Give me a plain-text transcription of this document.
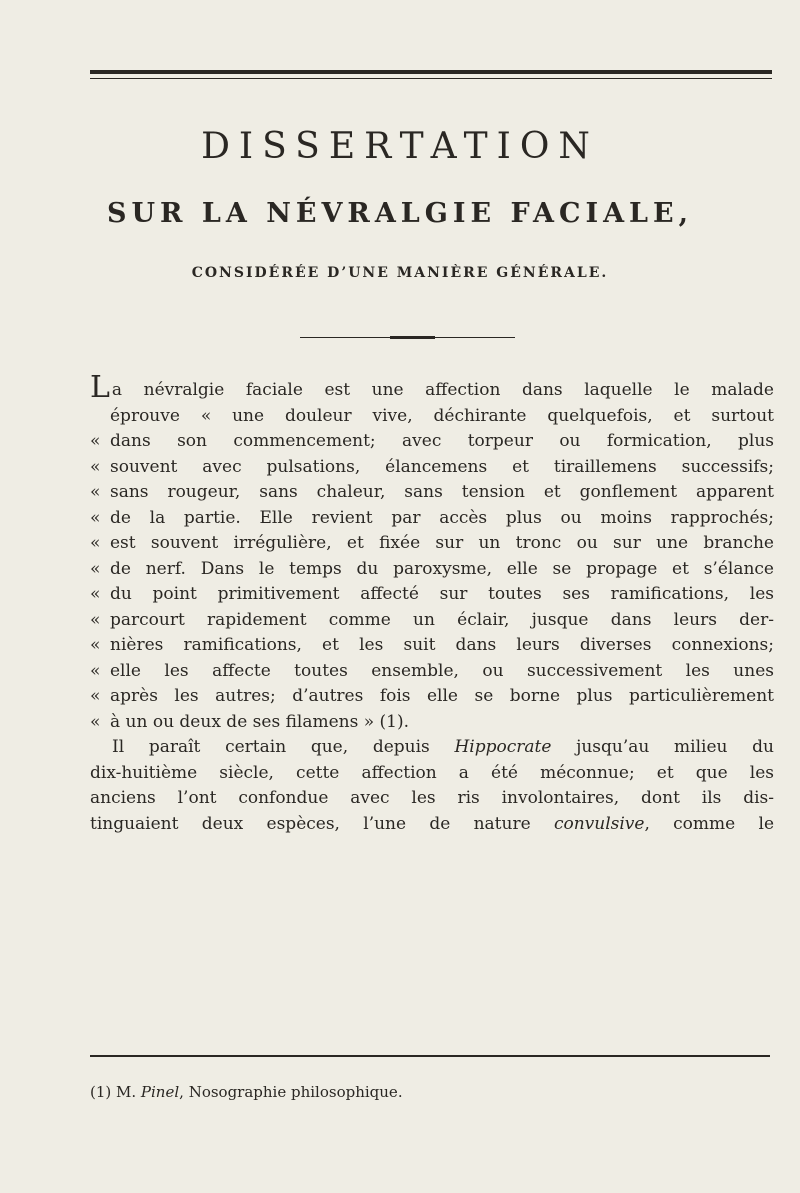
DISSERTATION
SUR LA NÉVRALGIE FACIALE,
CONSIDÉRÉE D’UNE MANIÈRE GÉNÉRALE.
L a névralgie faciale est une affection dans laquelle le malade
éprouve « une douleur vive, déchirante quelquefois, et surtout
« dans son commencement; avec torpeur ou formication, plus
« souvent avec pulsations, élancemens et tiraillemens successifs;
« sans rougeur, sans chaleur, sans tension et gonflement apparent
« de la partie. Elle revient par accès plus ou moins rapprochés;
« est souvent irrégulière, et fixée sur un tronc ou sur une branche
« de nerf. Dans le temps du paroxysme, elle se propage et s’élance
« du point primitivement affecté sur toutes ses ramifications, les
« parcourt rapidement comme un éclair, jusque dans leurs der-
« nières ramifications, et les suit dans leurs diverses connexions;
« elle les affecte toutes ensemble, ou successivement les unes
« après les autres; d’autres fois elle se borne plus particulièrement
« à un ou deux de ses filamens » (1).
Il paraît certain que, depuis Hippocrate jusqu’au milieu du
dix-huitième siècle, cette affection a été méconnue; et que les
anciens l’ont confondue avec les ris involontaires, dont ils dis-
tinguaient deux espèces, l’une de nature convulsive, comme le
(1) M. Pinel, Nosographie philosophique.
